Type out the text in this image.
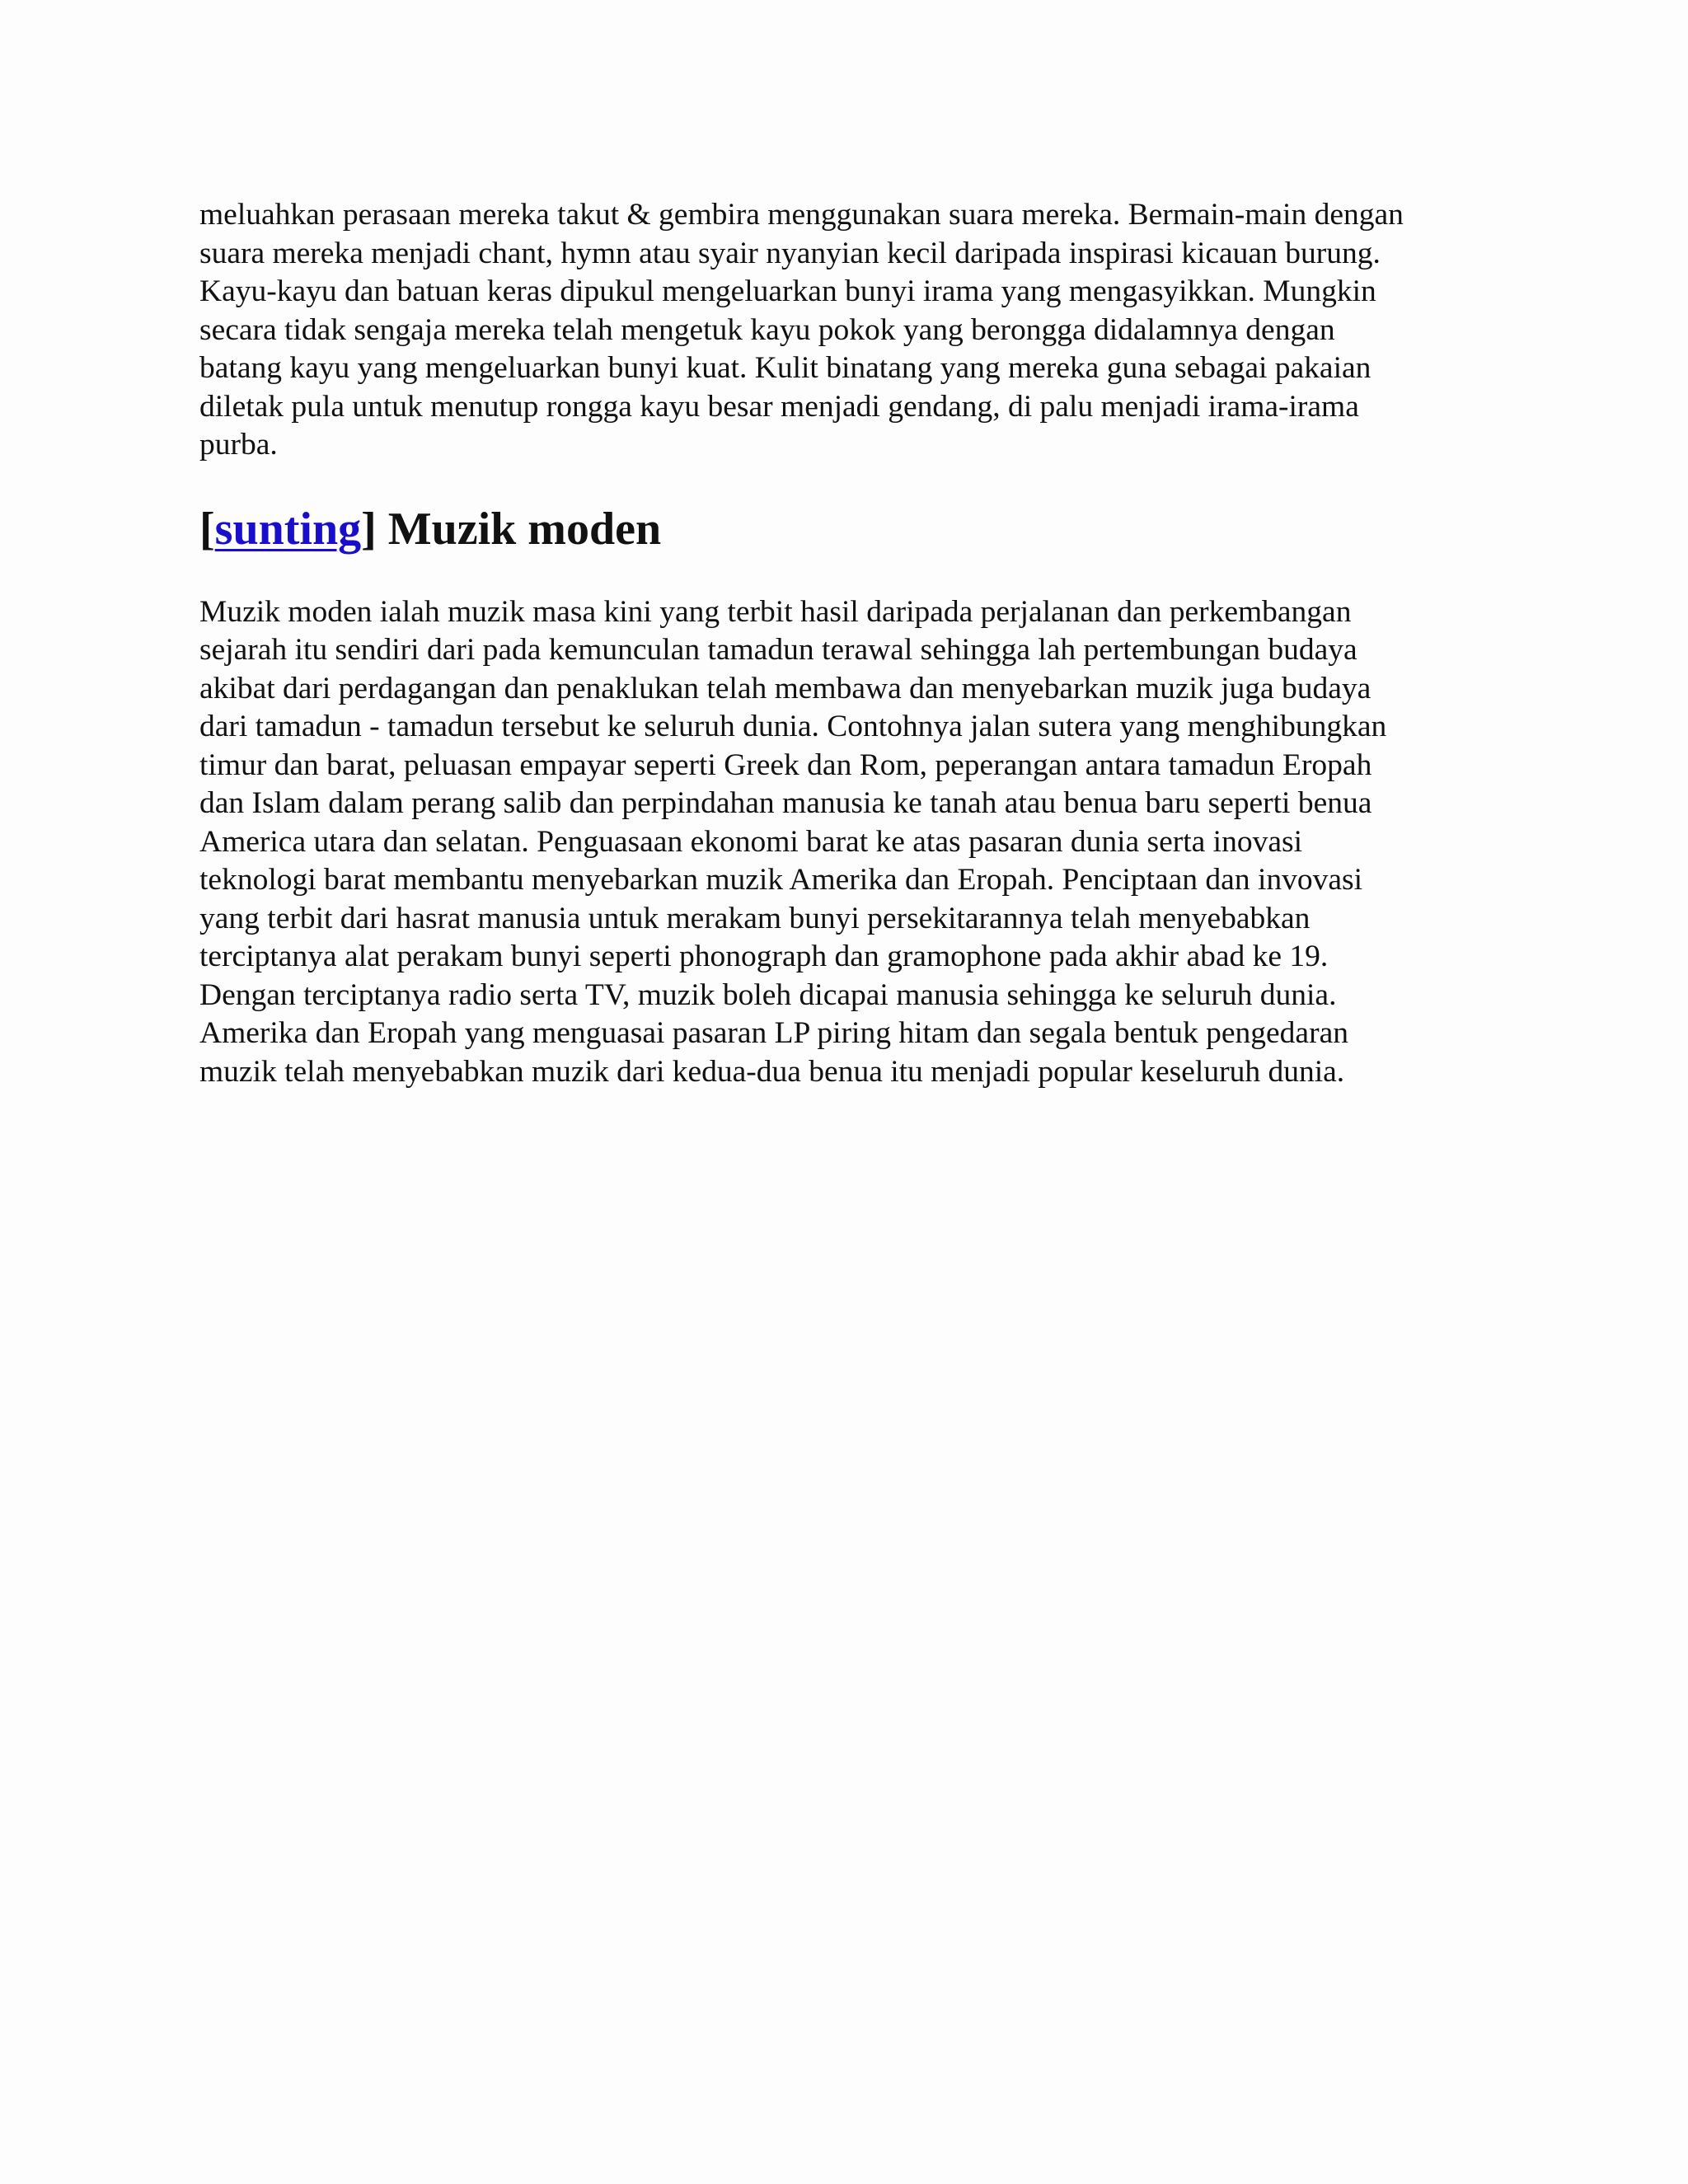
meluahkan perasaan mereka takut & gembira menggunakan suara mereka. Bermain-main dengan
suara mereka menjadi chant, hymn atau syair nyanyian kecil daripada inspirasi kicauan burung.
Kayu-kayu dan batuan keras dipukul mengeluarkan bunyi irama yang mengasyikkan. Mungkin
secara tidak sengaja mereka telah mengetuk kayu pokok yang berongga didalamnya dengan
batang kayu yang mengeluarkan bunyi kuat. Kulit binatang yang mereka guna sebagai pakaian
diletak pula untuk menutup rongga kayu besar menjadi gendang, di palu menjadi irama-irama
purba.

[sunting] Muzik moden

Muzik moden ialah muzik masa kini yang terbit hasil daripada perjalanan dan perkembangan
sejarah itu sendiri dari pada kemunculan tamadun terawal sehingga lah pertembungan budaya
akibat dari perdagangan dan penaklukan telah membawa dan menyebarkan muzik juga budaya
dari tamadun - tamadun tersebut ke seluruh dunia. Contohnya jalan sutera yang menghibungkan
timur dan barat, peluasan empayar seperti Greek dan Rom, peperangan antara tamadun Eropah
dan Islam dalam perang salib dan perpindahan manusia ke tanah atau benua baru seperti benua
America utara dan selatan. Penguasaan ekonomi barat ke atas pasaran dunia serta inovasi
teknologi barat membantu menyebarkan muzik Amerika dan Eropah. Penciptaan dan invovasi
yang terbit dari hasrat manusia untuk merakam bunyi persekitarannya telah menyebabkan
terciptanya alat perakam bunyi seperti phonograph dan gramophone pada akhir abad ke 19.
Dengan terciptanya radio serta TV, muzik boleh dicapai manusia sehingga ke seluruh dunia.
Amerika dan Eropah yang menguasai pasaran LP piring hitam dan segala bentuk pengedaran
muzik telah menyebabkan muzik dari kedua-dua benua itu menjadi popular keseluruh dunia.
